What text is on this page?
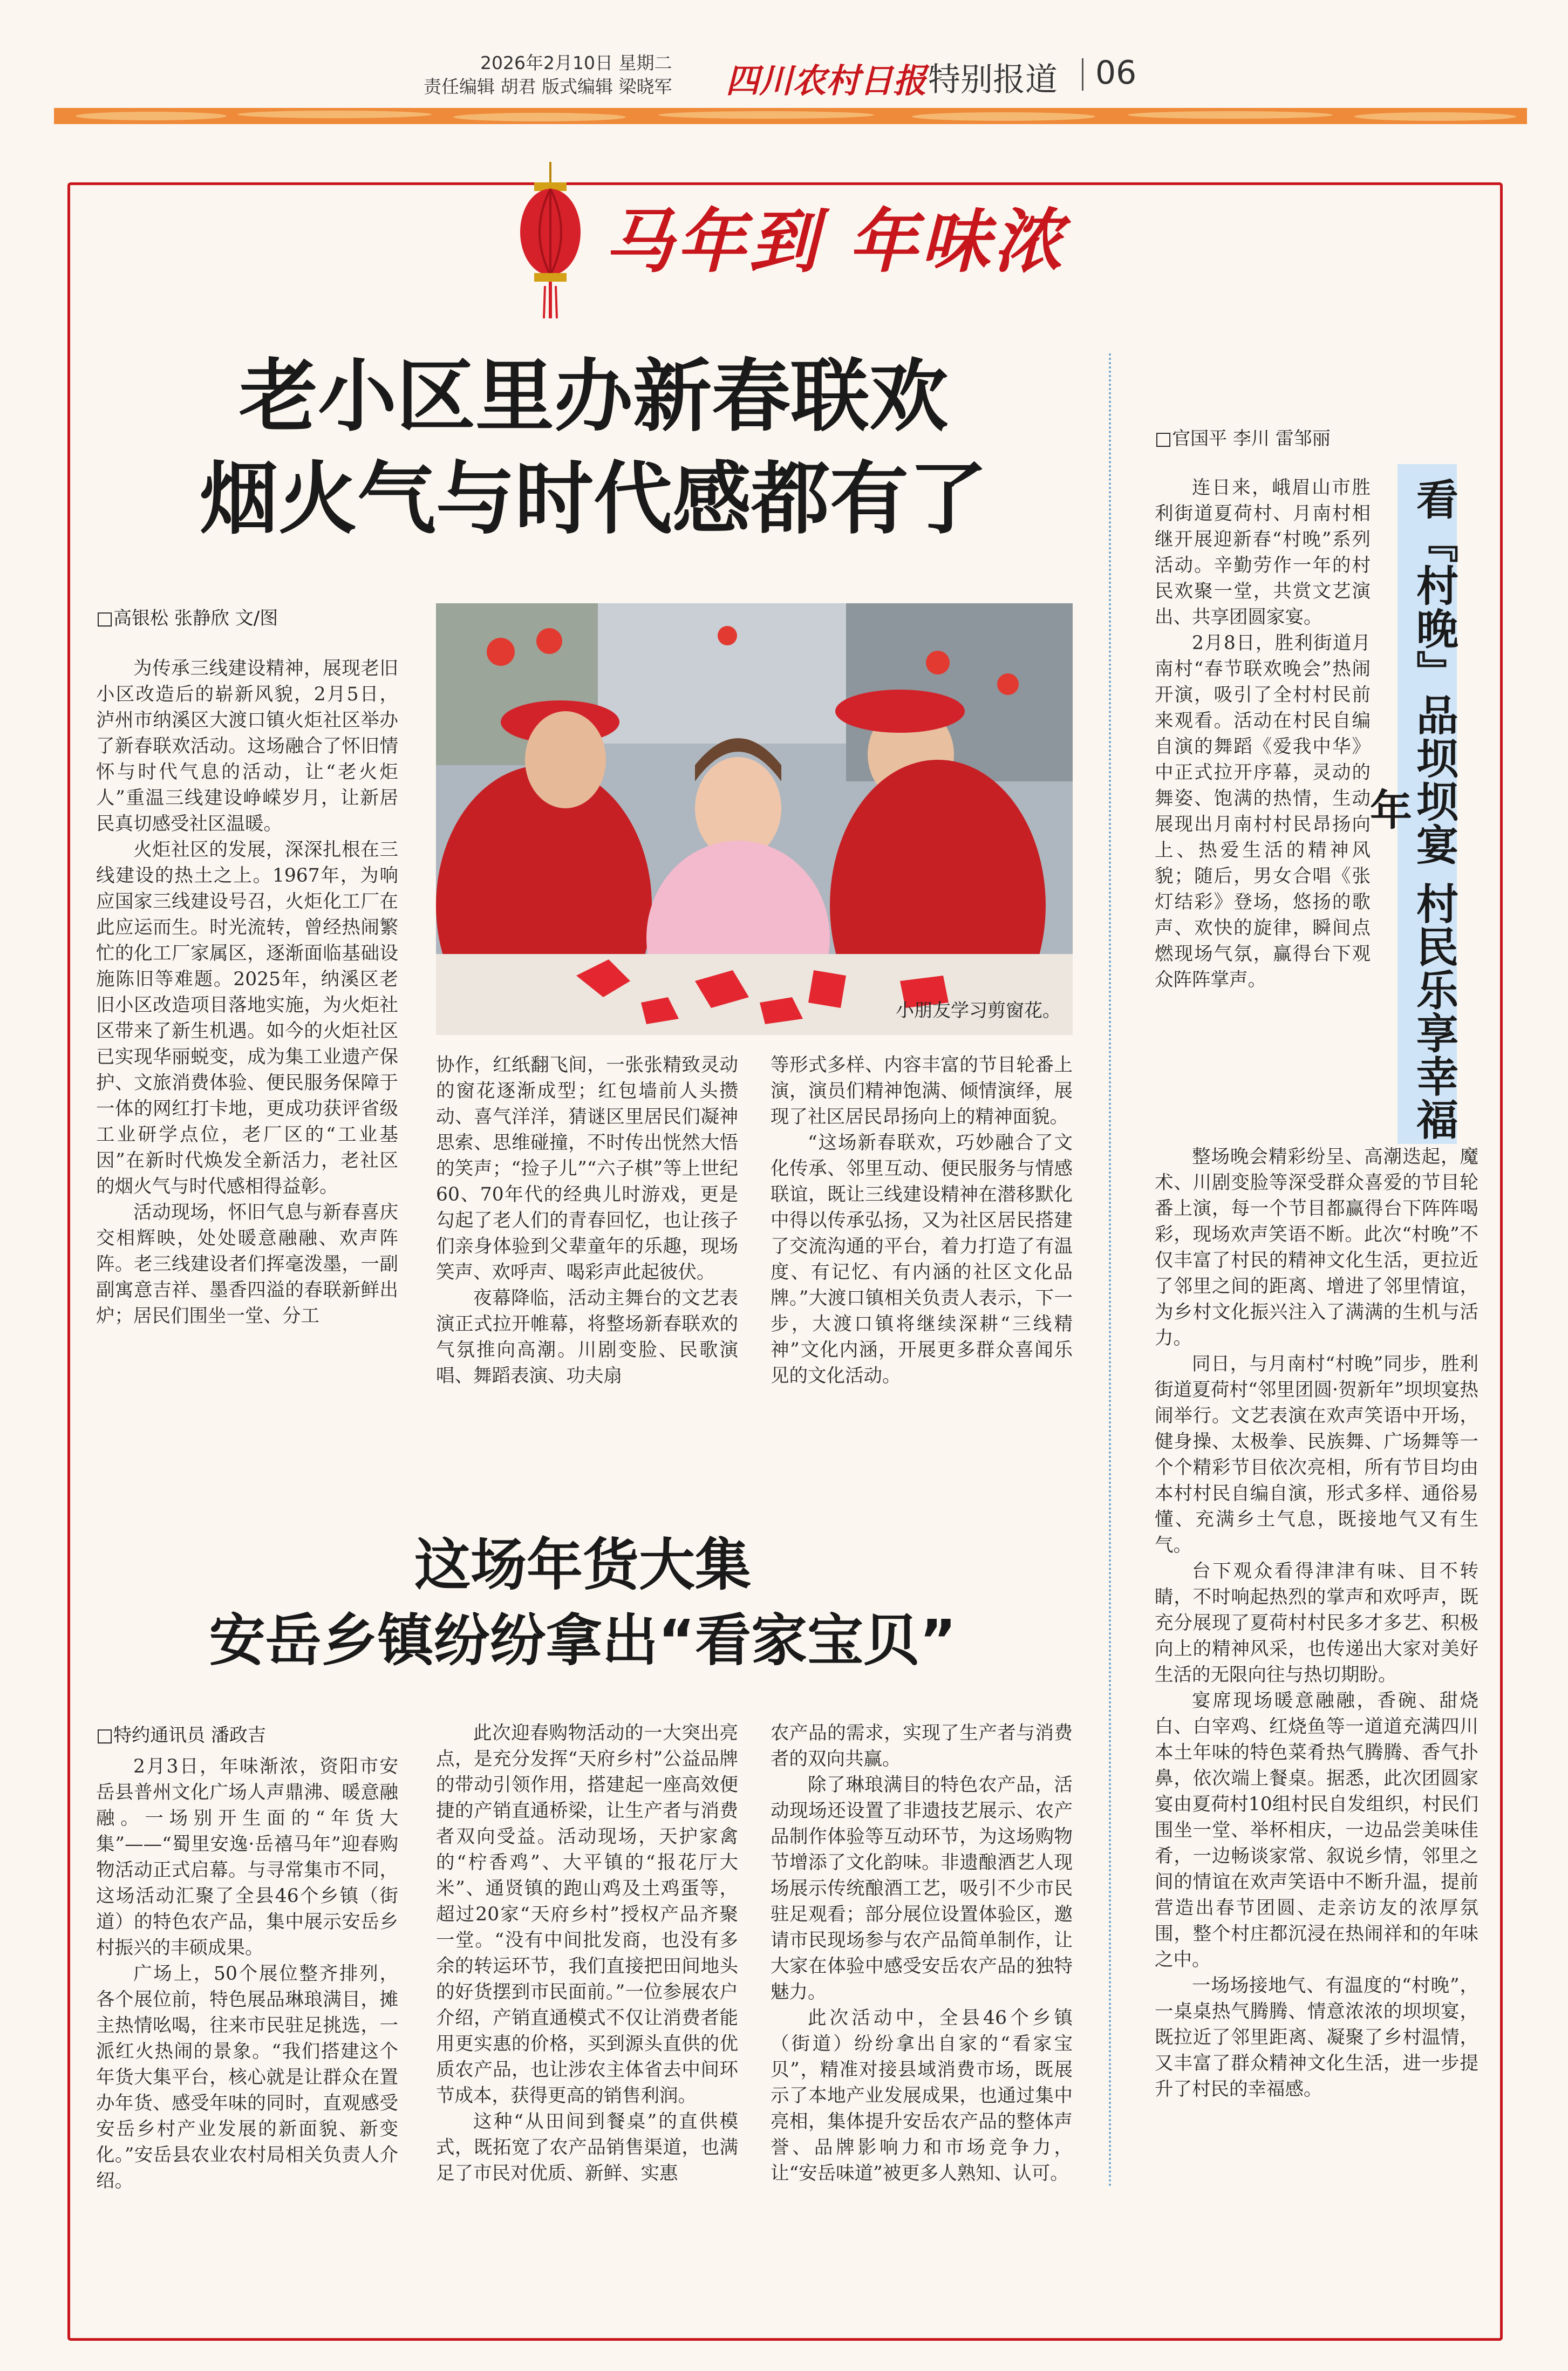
2026年2月10日 星期二
责任编辑 胡君 版式编辑 梁晓军 四川农村日报 特别报道 06
马年到 年味浓
老小区里办新春联欢
烟火气与时代感都有了
□高银松 张静欣 文/图
小朋友学习剪窗花。

为传承三线建设精神，展现老旧小区改造后的崭新风貌，2月5日，泸州市纳溪区大渡口镇火炬社区举办了新春联欢活动。这场融合了怀旧情怀与时代气息的活动，让“老火炬人”重温三线建设峥嵘岁月，让新居民真切感受社区温暖。

火炬社区的发展，深深扎根在三线建设的热土之上。1967年，为响应国家三线建设号召，火炬化工厂在此应运而生。时光流转，曾经热闹繁忙的化工厂家属区，逐渐面临基础设施陈旧等难题。2025年，纳溪区老旧小区改造项目落地实施，为火炬社区带来了新生机遇。如今的火炬社区已实现华丽蜕变，成为集工业遗产保护、文旅消费体验、便民服务保障于一体的网红打卡地，更成功获评省级工业研学点位，老厂区的“工业基因”在新时代焕发全新活力，老社区的烟火气与时代感相得益彰。

活动现场，怀旧气息与新春喜庆交相辉映，处处暖意融融、欢声阵阵。老三线建设者们挥毫泼墨，一副副寓意吉祥、墨香四溢的春联新鲜出炉；居民们围坐一堂、分工

协作，红纸翻飞间，一张张精致灵动的窗花逐渐成型；红包墙前人头攒动、喜气洋洋，猜谜区里居民们凝神思索、思维碰撞，不时传出恍然大悟的笑声；“捡子儿”“六子棋”等上世纪60、70年代的经典儿时游戏，更是勾起了老人们的青春回忆，也让孩子们亲身体验到父辈童年的乐趣，现场笑声、欢呼声、喝彩声此起彼伏。

夜幕降临，活动主舞台的文艺表演正式拉开帷幕，将整场新春联欢的气氛推向高潮。川剧变脸、民歌演唱、舞蹈表演、功夫扇

等形式多样、内容丰富的节目轮番上演，演员们精神饱满、倾情演绎，展现了社区居民昂扬向上的精神面貌。

“这场新春联欢，巧妙融合了文化传承、邻里互动、便民服务与情感联谊，既让三线建设精神在潜移默化中得以传承弘扬，又为社区居民搭建了交流沟通的平台，着力打造了有温度、有记忆、有内涵的社区文化品牌。”大渡口镇相关负责人表示，下一步，大渡口镇将继续深耕“三线精神”文化内涵，开展更多群众喜闻乐见的文化活动。

这场年货大集
安岳乡镇纷纷拿出“看家宝贝”
□特约通讯员 潘政吉

2月3日，年味渐浓，资阳市安岳县普州文化广场人声鼎沸、暖意融融。一场别开生面的“年货大集”——“蜀里安逸·岳禧马年”迎春购物活动正式启幕。与寻常集市不同，这场活动汇聚了全县46个乡镇（街道）的特色农产品，集中展示安岳乡村振兴的丰硕成果。

广场上，50个展位整齐排列，各个展位前，特色展品琳琅满目，摊主热情吆喝，往来市民驻足挑选，一派红火热闹的景象。“我们搭建这个年货大集平台，核心就是让群众在置办年货、感受年味的同时，直观感受安岳乡村产业发展的新面貌、新变化。”安岳县农业农村局相关负责人介绍。

此次迎春购物活动的一大突出亮点，是充分发挥“天府乡村”公益品牌的带动引领作用，搭建起一座高效便捷的产销直通桥梁，让生产者与消费者双向受益。活动现场，天护家禽的“柠香鸡”、大平镇的“报花厅大米”、通贤镇的跑山鸡及土鸡蛋等，超过20家“天府乡村”授权产品齐聚一堂。“没有中间批发商，也没有多余的转运环节，我们直接把田间地头的好货摆到市民面前。”一位参展农户介绍，产销直通模式不仅让消费者能用更实惠的价格，买到源头直供的优质农产品，也让涉农主体省去中间环节成本，获得更高的销售利润。

这种“从田间到餐桌”的直供模式，既拓宽了农产品销售渠道，也满足了市民对优质、新鲜、实惠

农产品的需求，实现了生产者与消费者的双向共赢。

除了琳琅满目的特色农产品，活动现场还设置了非遗技艺展示、农产品制作体验等互动环节，为这场购物节增添了文化韵味。非遗酿酒艺人现场展示传统酿酒工艺，吸引不少市民驻足观看；部分展位设置体验区，邀请市民现场参与农产品简单制作，让大家在体验中感受安岳农产品的独特魅力。

此次活动中，全县46个乡镇（街道）纷纷拿出自家的“看家宝贝”，精准对接县域消费市场，既展示了本地产业发展成果，也通过集中亮相，集体提升安岳农产品的整体声誉、品牌影响力和市场竞争力，让“安岳味道”被更多人熟知、认可。

□官国平 李川 雷邹丽
看『村晚』品坝坝宴 村民乐享幸福年

连日来，峨眉山市胜利街道夏荷村、月南村相继开展迎新春“村晚”系列活动。辛勤劳作一年的村民欢聚一堂，共赏文艺演出、共享团圆家宴。

2月8日，胜利街道月南村“春节联欢晚会”热闹开演，吸引了全村村民前来观看。活动在村民自编自演的舞蹈《爱我中华》中正式拉开序幕，灵动的舞姿、饱满的热情，生动展现出月南村村民昂扬向上、热爱生活的精神风貌；随后，男女合唱《张灯结彩》登场，悠扬的歌声、欢快的旋律，瞬间点燃现场气氛，赢得台下观众阵阵掌声。

整场晚会精彩纷呈、高潮迭起，魔术、川剧变脸等深受群众喜爱的节目轮番上演，每一个节目都赢得台下阵阵喝彩，现场欢声笑语不断。此次“村晚”不仅丰富了村民的精神文化生活，更拉近了邻里之间的距离、增进了邻里情谊，为乡村文化振兴注入了满满的生机与活力。

同日，与月南村“村晚”同步，胜利街道夏荷村“邻里团圆·贺新年”坝坝宴热闹举行。文艺表演在欢声笑语中开场，健身操、太极拳、民族舞、广场舞等一个个精彩节目依次亮相，所有节目均由本村村民自编自演，形式多样、通俗易懂、充满乡土气息，既接地气又有生气。

台下观众看得津津有味、目不转睛，不时响起热烈的掌声和欢呼声，既充分展现了夏荷村村民多才多艺、积极向上的精神风采，也传递出大家对美好生活的无限向往与热切期盼。

宴席现场暖意融融，香碗、甜烧白、白宰鸡、红烧鱼等一道道充满四川本土年味的特色菜肴热气腾腾、香气扑鼻，依次端上餐桌。据悉，此次团圆家宴由夏荷村10组村民自发组织，村民们围坐一堂、举杯相庆，一边品尝美味佳肴，一边畅谈家常、叙说乡情，邻里之间的情谊在欢声笑语中不断升温，提前营造出春节团圆、走亲访友的浓厚氛围，整个村庄都沉浸在热闹祥和的年味之中。

一场场接地气、有温度的“村晚”，一桌桌热气腾腾、情意浓浓的坝坝宴，既拉近了邻里距离、凝聚了乡村温情，又丰富了群众精神文化生活，进一步提升了村民的幸福感。
